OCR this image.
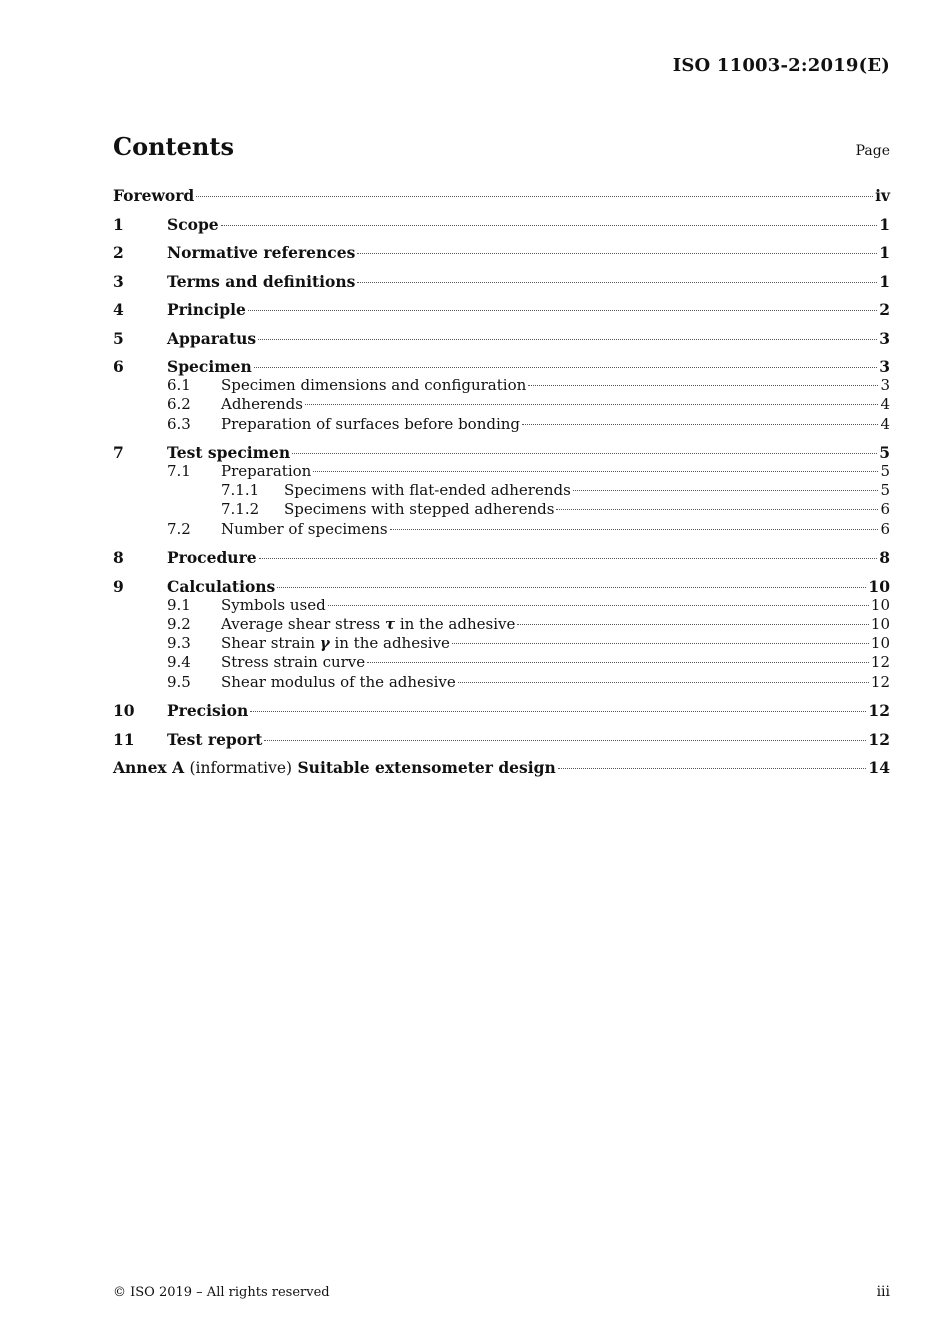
ISO 11003-2:2019(E)
Contents	Page
Foreword	iv
1	Scope	1
2	Normative references	1
3	Terms and definitions	1
4	Principle	2
5	Apparatus	3
6	Specimen	3
6.1	Specimen dimensions and configuration	3
6.2	Adherends	4
6.3	Preparation of surfaces before bonding	4
7	Test specimen	5
7.1	Preparation	5
7.1.1	Specimens with flat-ended adherends	5
7.1.2	Specimens with stepped adherends	6
7.2	Number of specimens	6
8	Procedure	8
9	Calculations	10
9.1	Symbols used	10
9.2	Average shear stress τ in the adhesive	10
9.3	Shear strain γ in the adhesive	10
9.4	Stress strain curve	12
9.5	Shear modulus of the adhesive	12
10	Precision	12
11	Test report	12
Annex A (informative) Suitable extensometer design	14
© ISO 2019 – All rights reserved	iii
